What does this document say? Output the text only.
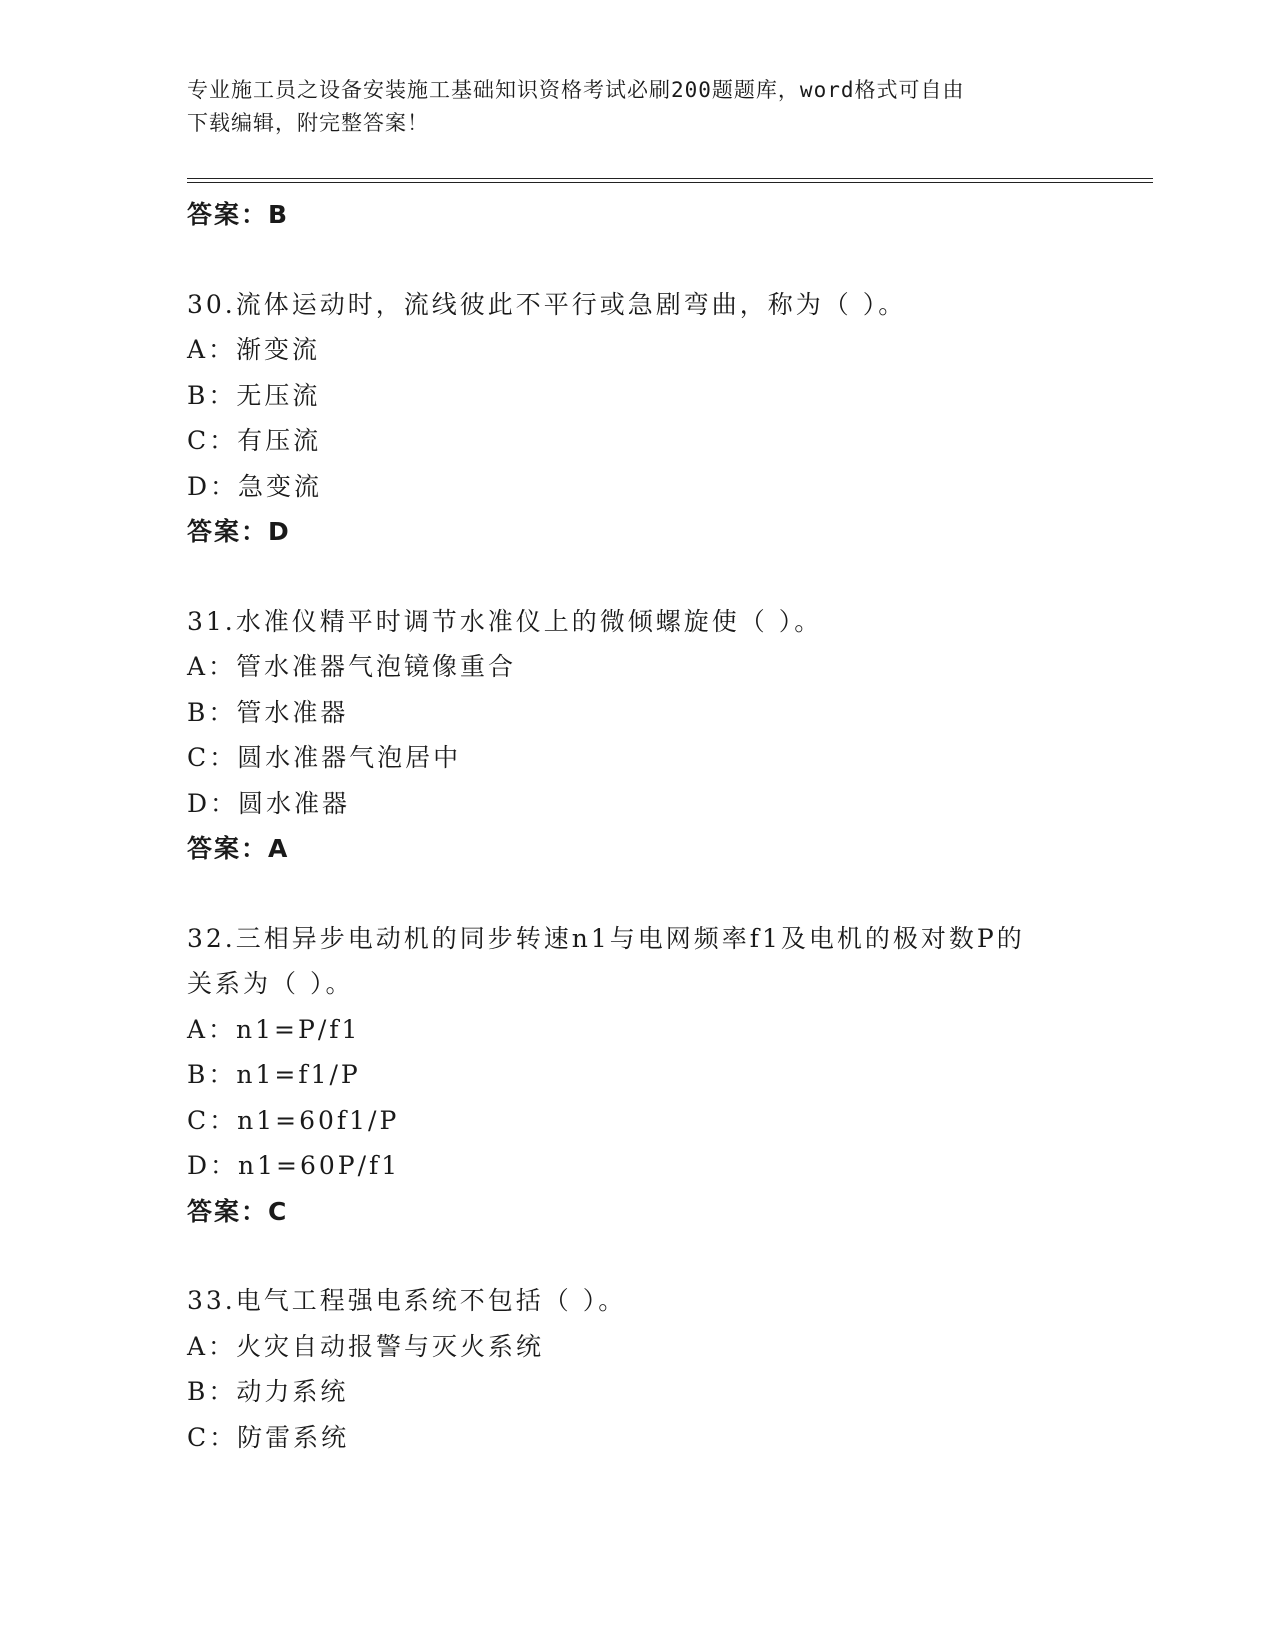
专业施工员之设备安装施工基础知识资格考试必刷200题题库，word格式可自由
下载编辑，附完整答案！
答案：B
30.流体运动时，流线彼此不平行或急剧弯曲，称为（ ）。
A：渐变流
B：无压流
C：有压流
D：急变流
答案：D
31.水准仪精平时调节水准仪上的微倾螺旋使（ ）。
A：管水准器气泡镜像重合
B：管水准器
C：圆水准器气泡居中
D：圆水准器
答案：A
32.三相异步电动机的同步转速n1与电网频率f1及电机的极对数P的
关系为（ ）。
A：n1=P/f1
B：n1=f1/P
C：n1=60f1/P
D：n1=60P/f1
答案：C
33.电气工程强电系统不包括（ ）。
A：火灾自动报警与灭火系统
B：动力系统
C：防雷系统
